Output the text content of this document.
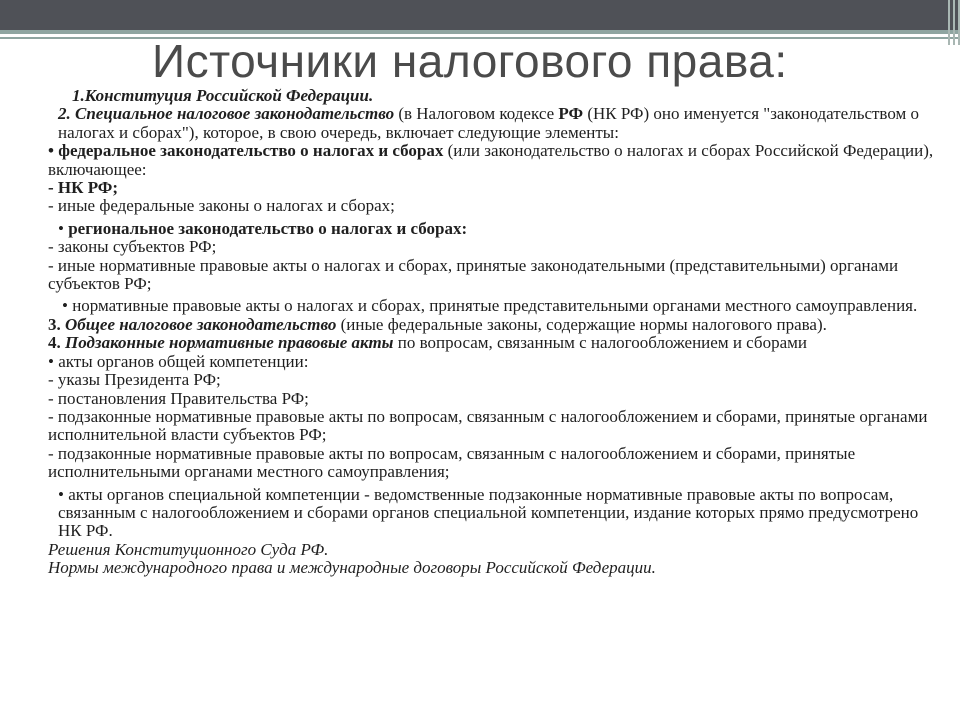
Источники налогового права:

1.Конституция Российской Федерации.

2. Специальное налоговое законодательство (в Налоговом кодексе РФ (НК РФ) оно именуется "законодательством о налогах и сборах"), которое, в свою очередь, включает следующие элементы:

• федеральное законодательство о налогах и сборах (или законодательство о налогах и сборах Российской Федерации), включающее:

- НК РФ;

- иные федеральные законы о налогах и сборах;

• региональное законодательство о налогах и сборах:

- законы субъектов РФ;

- иные нормативные правовые акты о налогах и сборах, принятые законодательными (представительными) органами субъектов РФ;

• нормативные правовые акты о налогах и сборах, принятые представительными органами местного самоуправления.

3. Общее налоговое законодательство (иные федеральные законы, содержащие нормы налогового права).

4. Подзаконные нормативные правовые акты по вопросам, связанным с налогообложением и сборами

• акты органов общей компетенции:

- указы Президента РФ;

- постановления Правительства РФ;

- подзаконные нормативные правовые акты по вопросам, связанным с налогообложением и сборами, принятые органами исполнительной власти субъектов РФ;

- подзаконные нормативные правовые акты по вопросам, связанным с налогообложением и сборами, принятые исполнительными органами местного самоуправления;

• акты органов специальной компетенции - ведомственные подзаконные нормативные правовые акты по вопросам, связанным с налогообложением и сборами органов специальной компетенции, издание которых прямо предусмотрено НК РФ.

Решения Конституционного Суда РФ.

Нормы международного права и международные договоры Российской Федерации.
